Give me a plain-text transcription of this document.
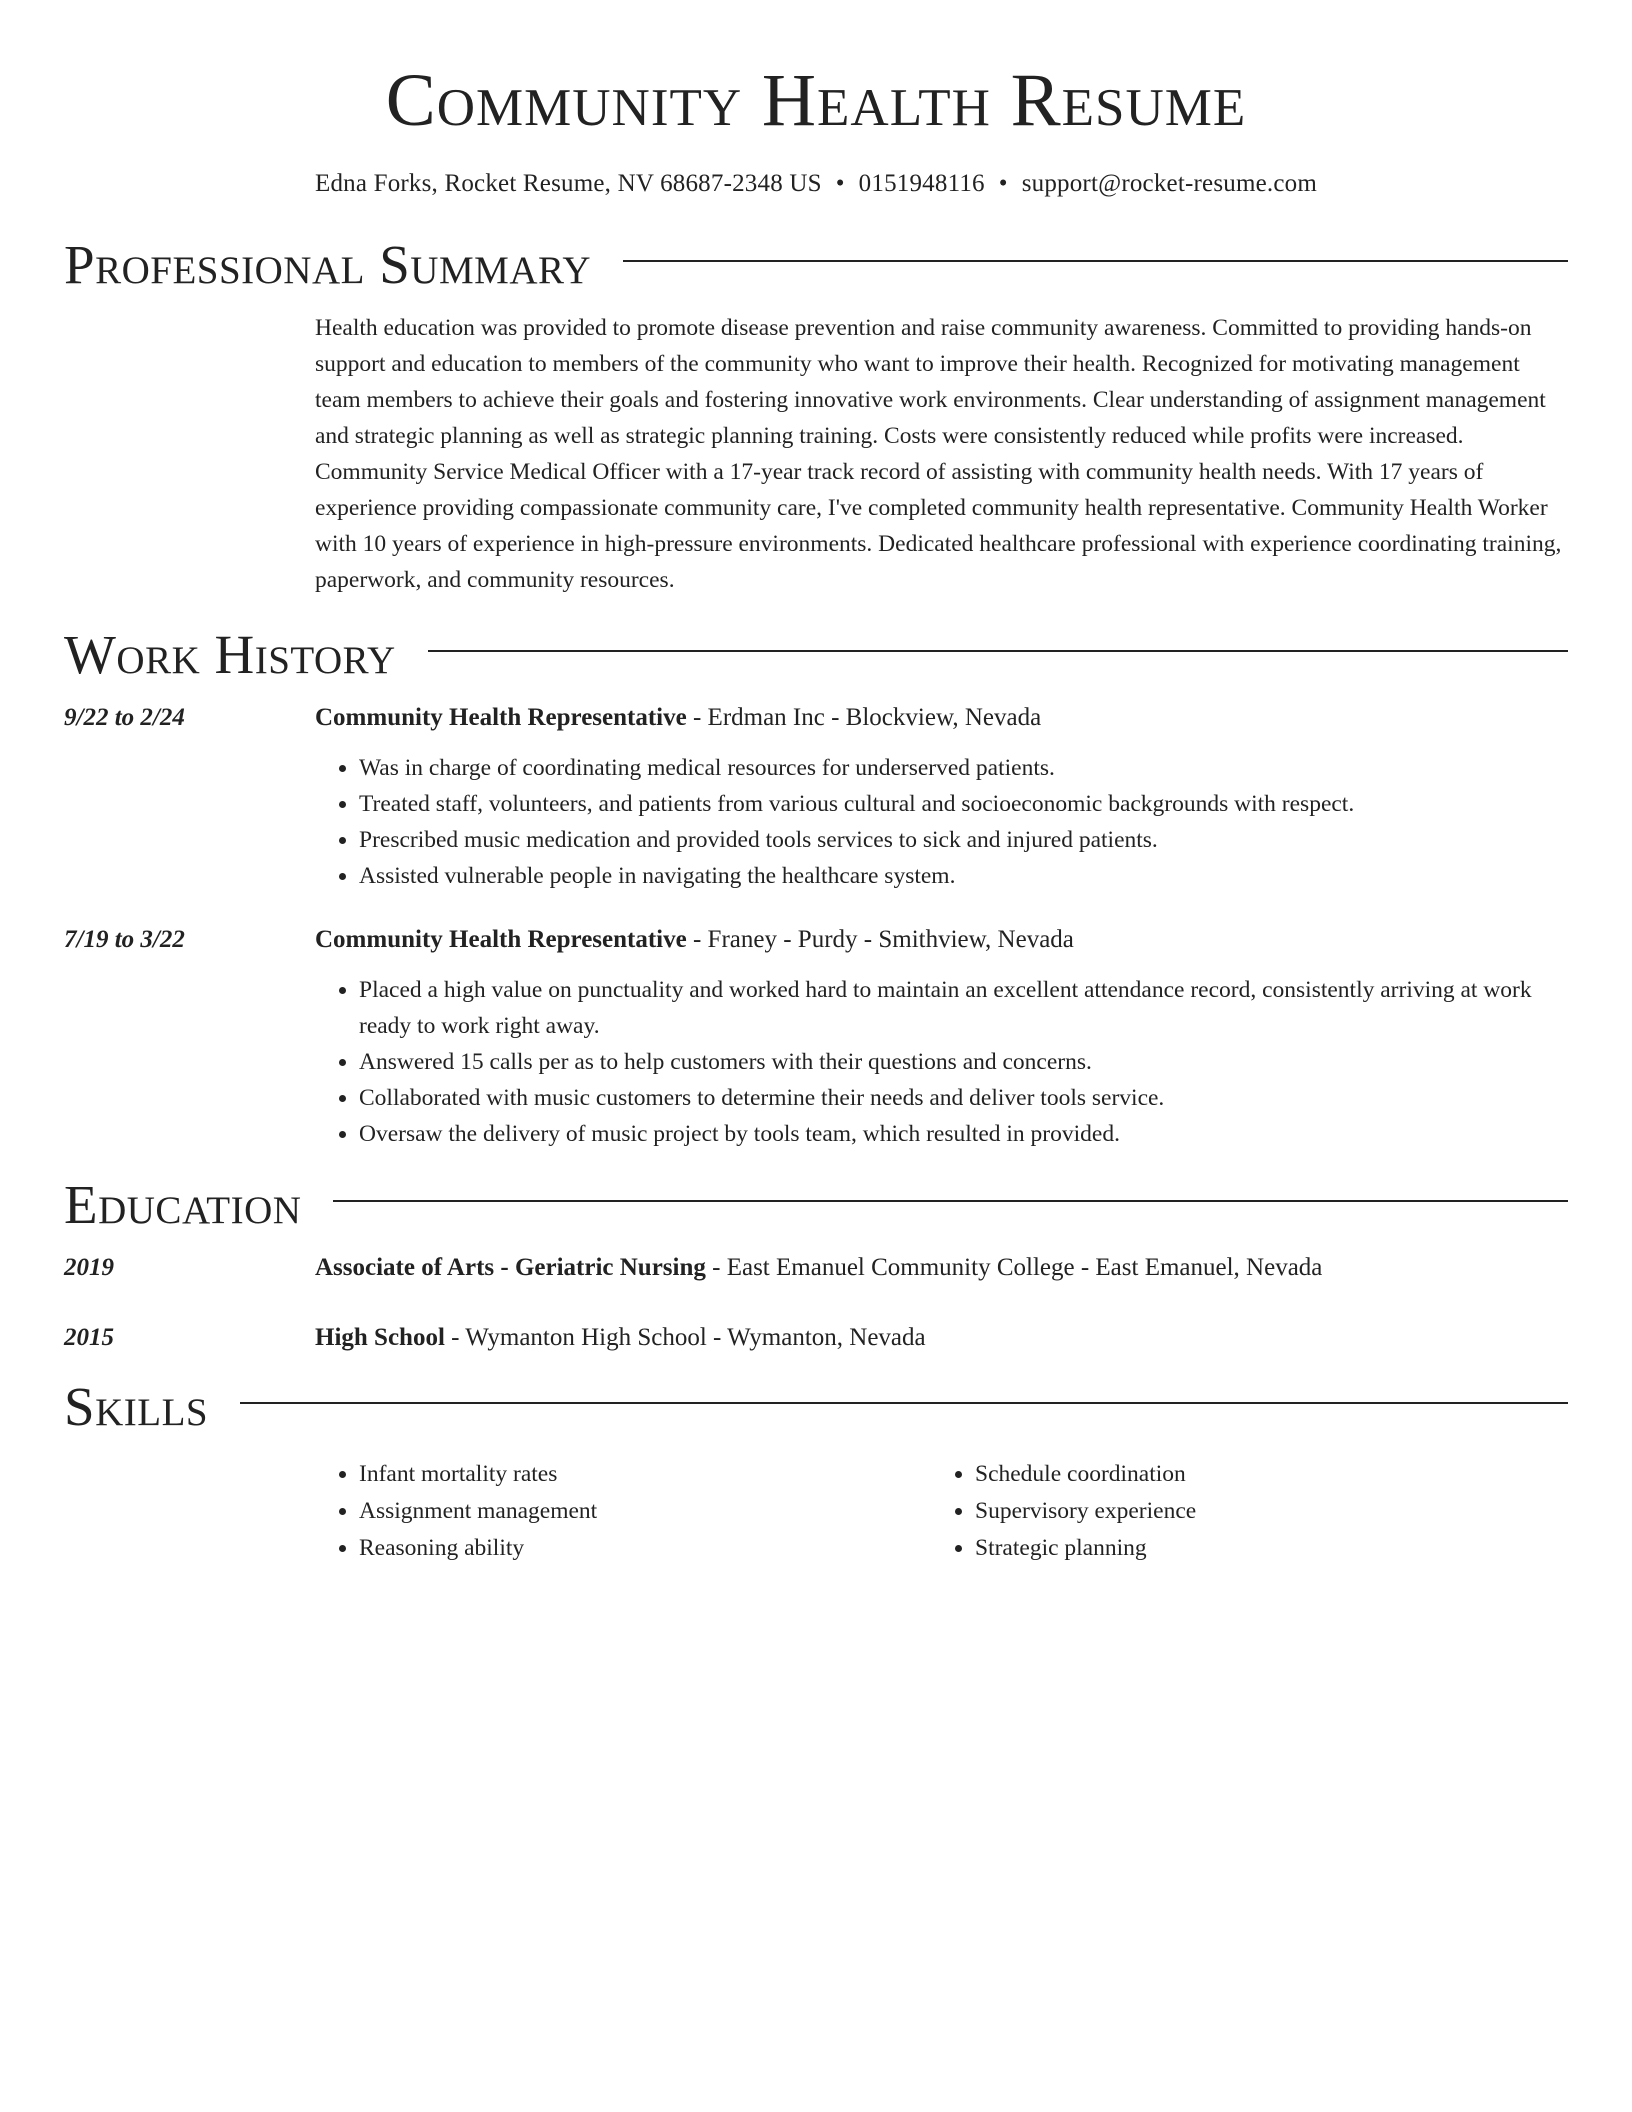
Community Health Resume
Edna Forks, Rocket Resume, NV 68687-2348 US • 0151948116 • support@rocket-resume.com
Professional Summary

Health education was provided to promote disease prevention and raise community awareness. Committed to providing hands-on support and education to members of the community who want to improve their health. Recognized for motivating management team members to achieve their goals and fostering innovative work environments. Clear understanding of assignment management and strategic planning as well as strategic planning training. Costs were consistently reduced while profits were increased. Community Service Medical Officer with a 17-year track record of assisting with community health needs. With 17 years of experience providing compassionate community care, I've completed community health representative. Community Health Worker with 10 years of experience in high-pressure environments. Dedicated healthcare professional with experience coordinating training, paperwork, and community resources.

Work History
9/22 to 2/24	Community Health Representative - Erdman Inc - Blockview, Nevada
• Was in charge of coordinating medical resources for underserved patients.
• Treated staff, volunteers, and patients from various cultural and socioeconomic backgrounds with respect.
• Prescribed music medication and provided tools services to sick and injured patients.
• Assisted vulnerable people in navigating the healthcare system.
7/19 to 3/22	Community Health Representative - Franey - Purdy - Smithview, Nevada
• Placed a high value on punctuality and worked hard to maintain an excellent attendance record, consistently arriving at work ready to work right away.
• Answered 15 calls per as to help customers with their questions and concerns.
• Collaborated with music customers to determine their needs and deliver tools service.
• Oversaw the delivery of music project by tools team, which resulted in provided.
Education
2019	Associate of Arts - Geriatric Nursing - East Emanuel Community College - East Emanuel, Nevada
2015	High School - Wymanton High School - Wymanton, Nevada
Skills
• Infant mortality rates
• Assignment management
• Reasoning ability
• Schedule coordination
• Supervisory experience
• Strategic planning
